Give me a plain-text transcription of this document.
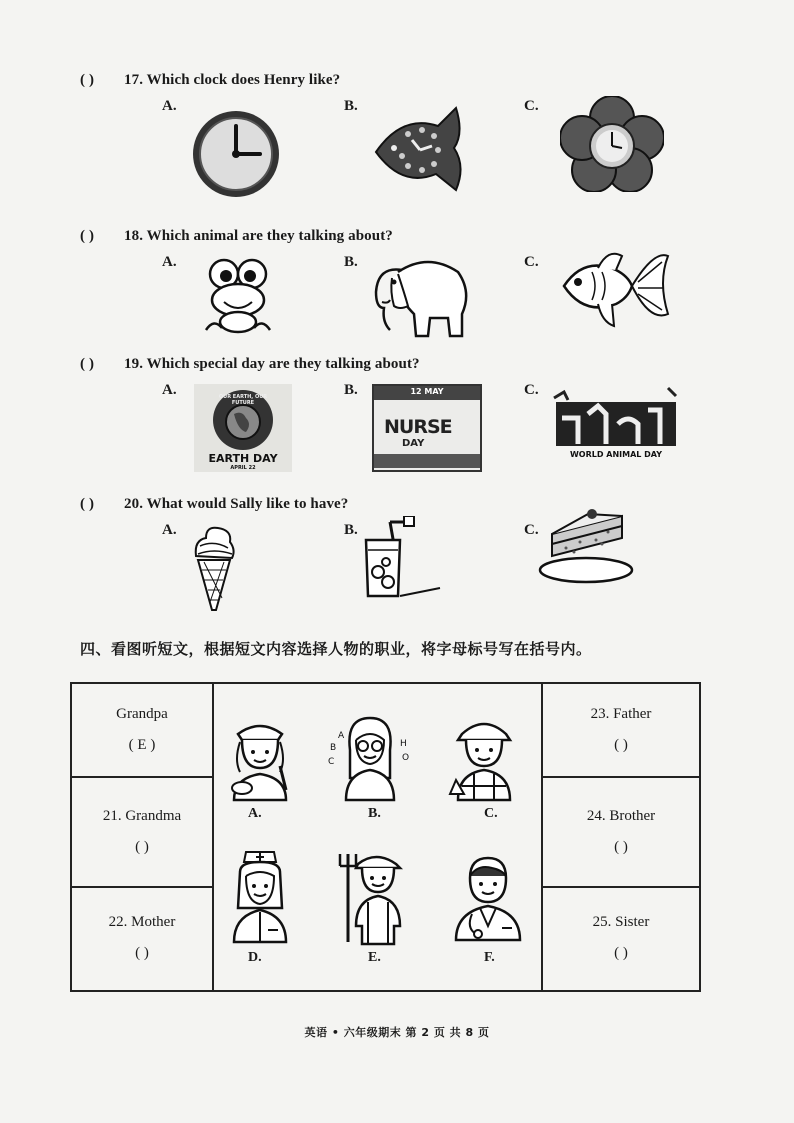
( ) 17. Which clock does Henry like?
A.	B.	C.
( ) 18. Which animal are they talking about?
A.	B.	C.
( ) 19. Which special day are they talking about?
A.	B.	C.
OUR EARTH, OUR FUTURE
EARTH DAY
APRIL 22
12 MAY
NURSE
DAY
WORLD ANIMAL DAY
( ) 20. What would Sally like to have?
A.	B.	C.
四、看图听短文，根据短文内容选择人物的职业，将字母标号写在括号内。
Grandpa
( E )
21. Grandma
( )
22. Mother
( )
23. Father
( )
24. Brother
( )
25. Sister
( )
B
C
A
H
O
A.	B.	C.
D.	E.	F.
英语 • 六年级期末 第 2 页 共 8 页
